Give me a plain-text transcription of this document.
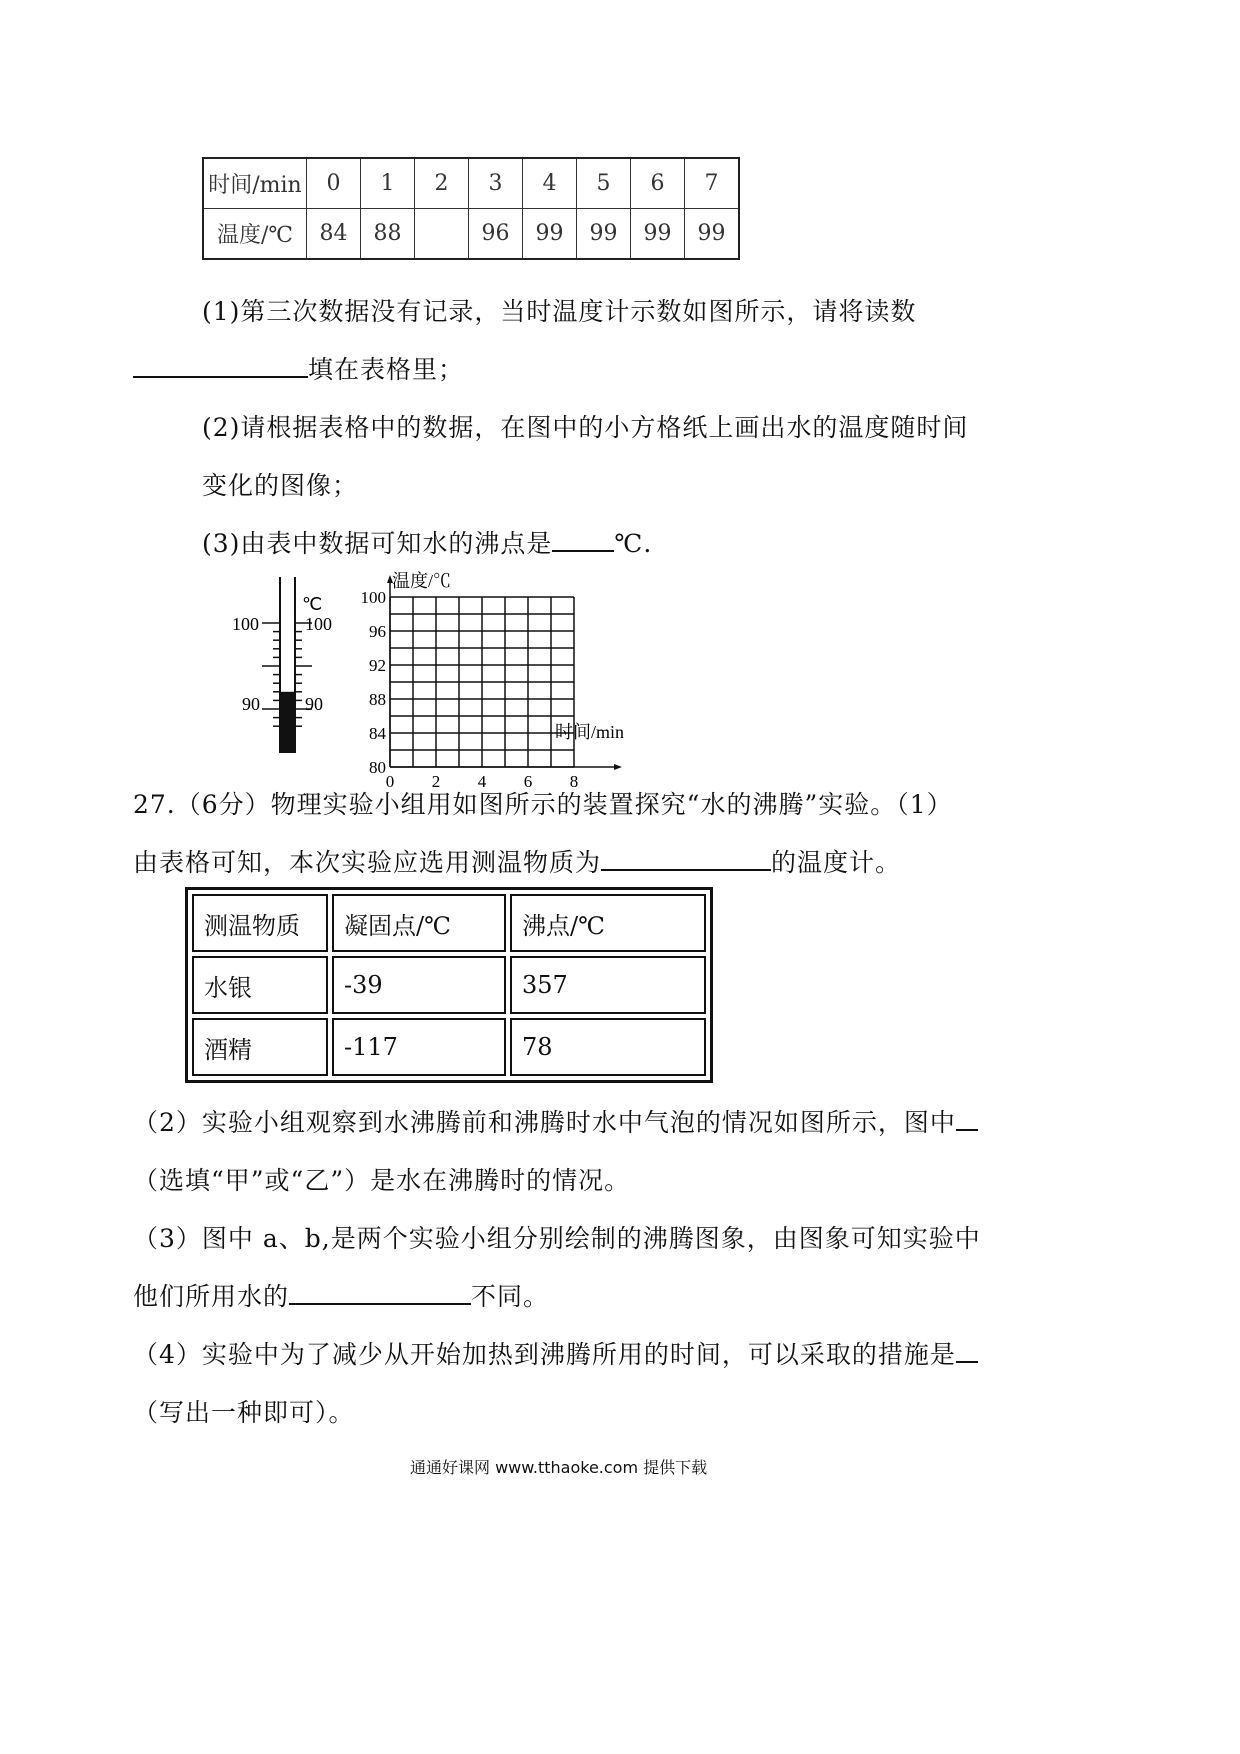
时间/min	0	1	2	3	4	5	6	7
温度/℃	84	88		96	99	99	99	99
(1)第三次数据没有记录，当时温度计示数如图所示，请将读数
填在表格里；
(2)请根据表格中的数据，在图中的小方格纸上画出水的温度随时间
变化的图像；
(3)由表中数据可知水的沸点是 ℃.
℃
100
90
100
90
温度/℃
时间/min
100
96
92
88
84
80
0 2 4 6 8
27.（6分）物理实验小组用如图所示的装置探究“水的沸腾”实验。（1）
由表格可知，本次实验应选用测温物质为	的温度计。
测温物质	凝固点/℃	沸点/℃
水银	-39	357
酒精	-117	78
（2）实验小组观察到水沸腾前和沸腾时水中气泡的情况如图所示，图中
（选填“甲”或“乙”）是水在沸腾时的情况。
（3）图中 a、b,是两个实验小组分别绘制的沸腾图象，由图象可知实验中
他们所用水的	不同。
（4）实验中为了减少从开始加热到沸腾所用的时间，可以采取的措施是
（写出一种即可）。
通通好课网 www.tthaoke.com 提供下载
